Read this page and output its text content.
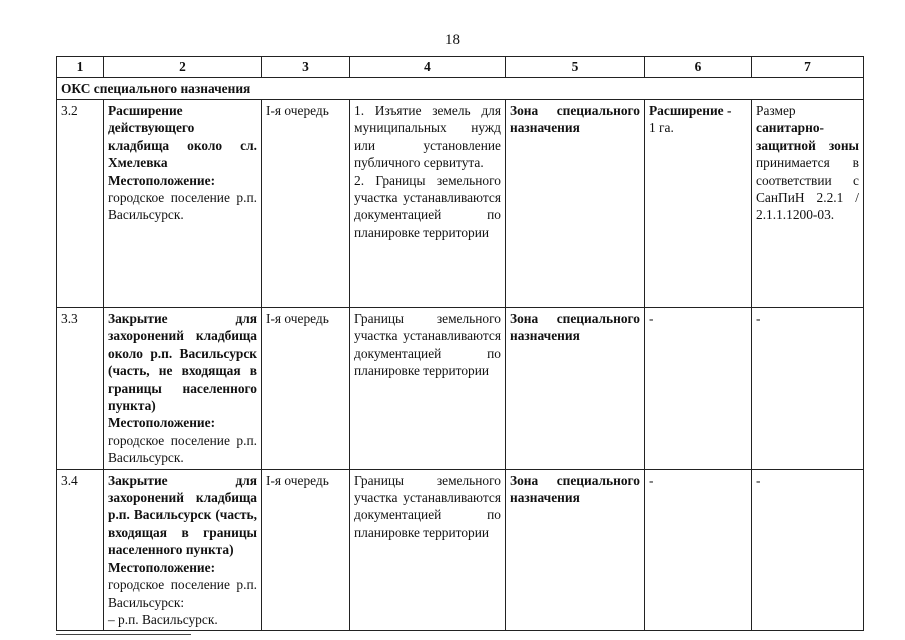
18
1	2	3	4	5	6	7
ОКС специального назначения						
3.2	Расширение действующего кладбища около сл. Хмелевка
Местоположение:
городское поселение р.п. Васильсурск.	I-я очередь	1. Изъятие земель для муниципальных нужд или установление публичного сервитута.
2. Границы земельного участка устанавливаются документацией по планировке территории	Зона специального назначения	Расширение -
1 га.	Размер санитарно-защитной зоны принимается в соответствии с СанПиН 2.2.1 / 2.1.1.1200-03.
3.3	Закрытие для захоронений кладбища около р.п. Васильсурск (часть, не входящая в границы населенного пункта)
Местоположение:
городское поселение р.п. Васильсурск.	I-я очередь	Границы земельного участка устанавливаются документацией по планировке территории	Зона специального назначения	-	-
3.4	Закрытие для захоронений кладбища р.п. Васильсурск (часть, входящая в границы населенного пункта)
Местоположение:
городское поселение р.п. Васильсурск:
– р.п. Васильсурск.	I-я очередь	Границы земельного участка устанавливаются документацией по планировке территории	Зона специального назначения	-	-
